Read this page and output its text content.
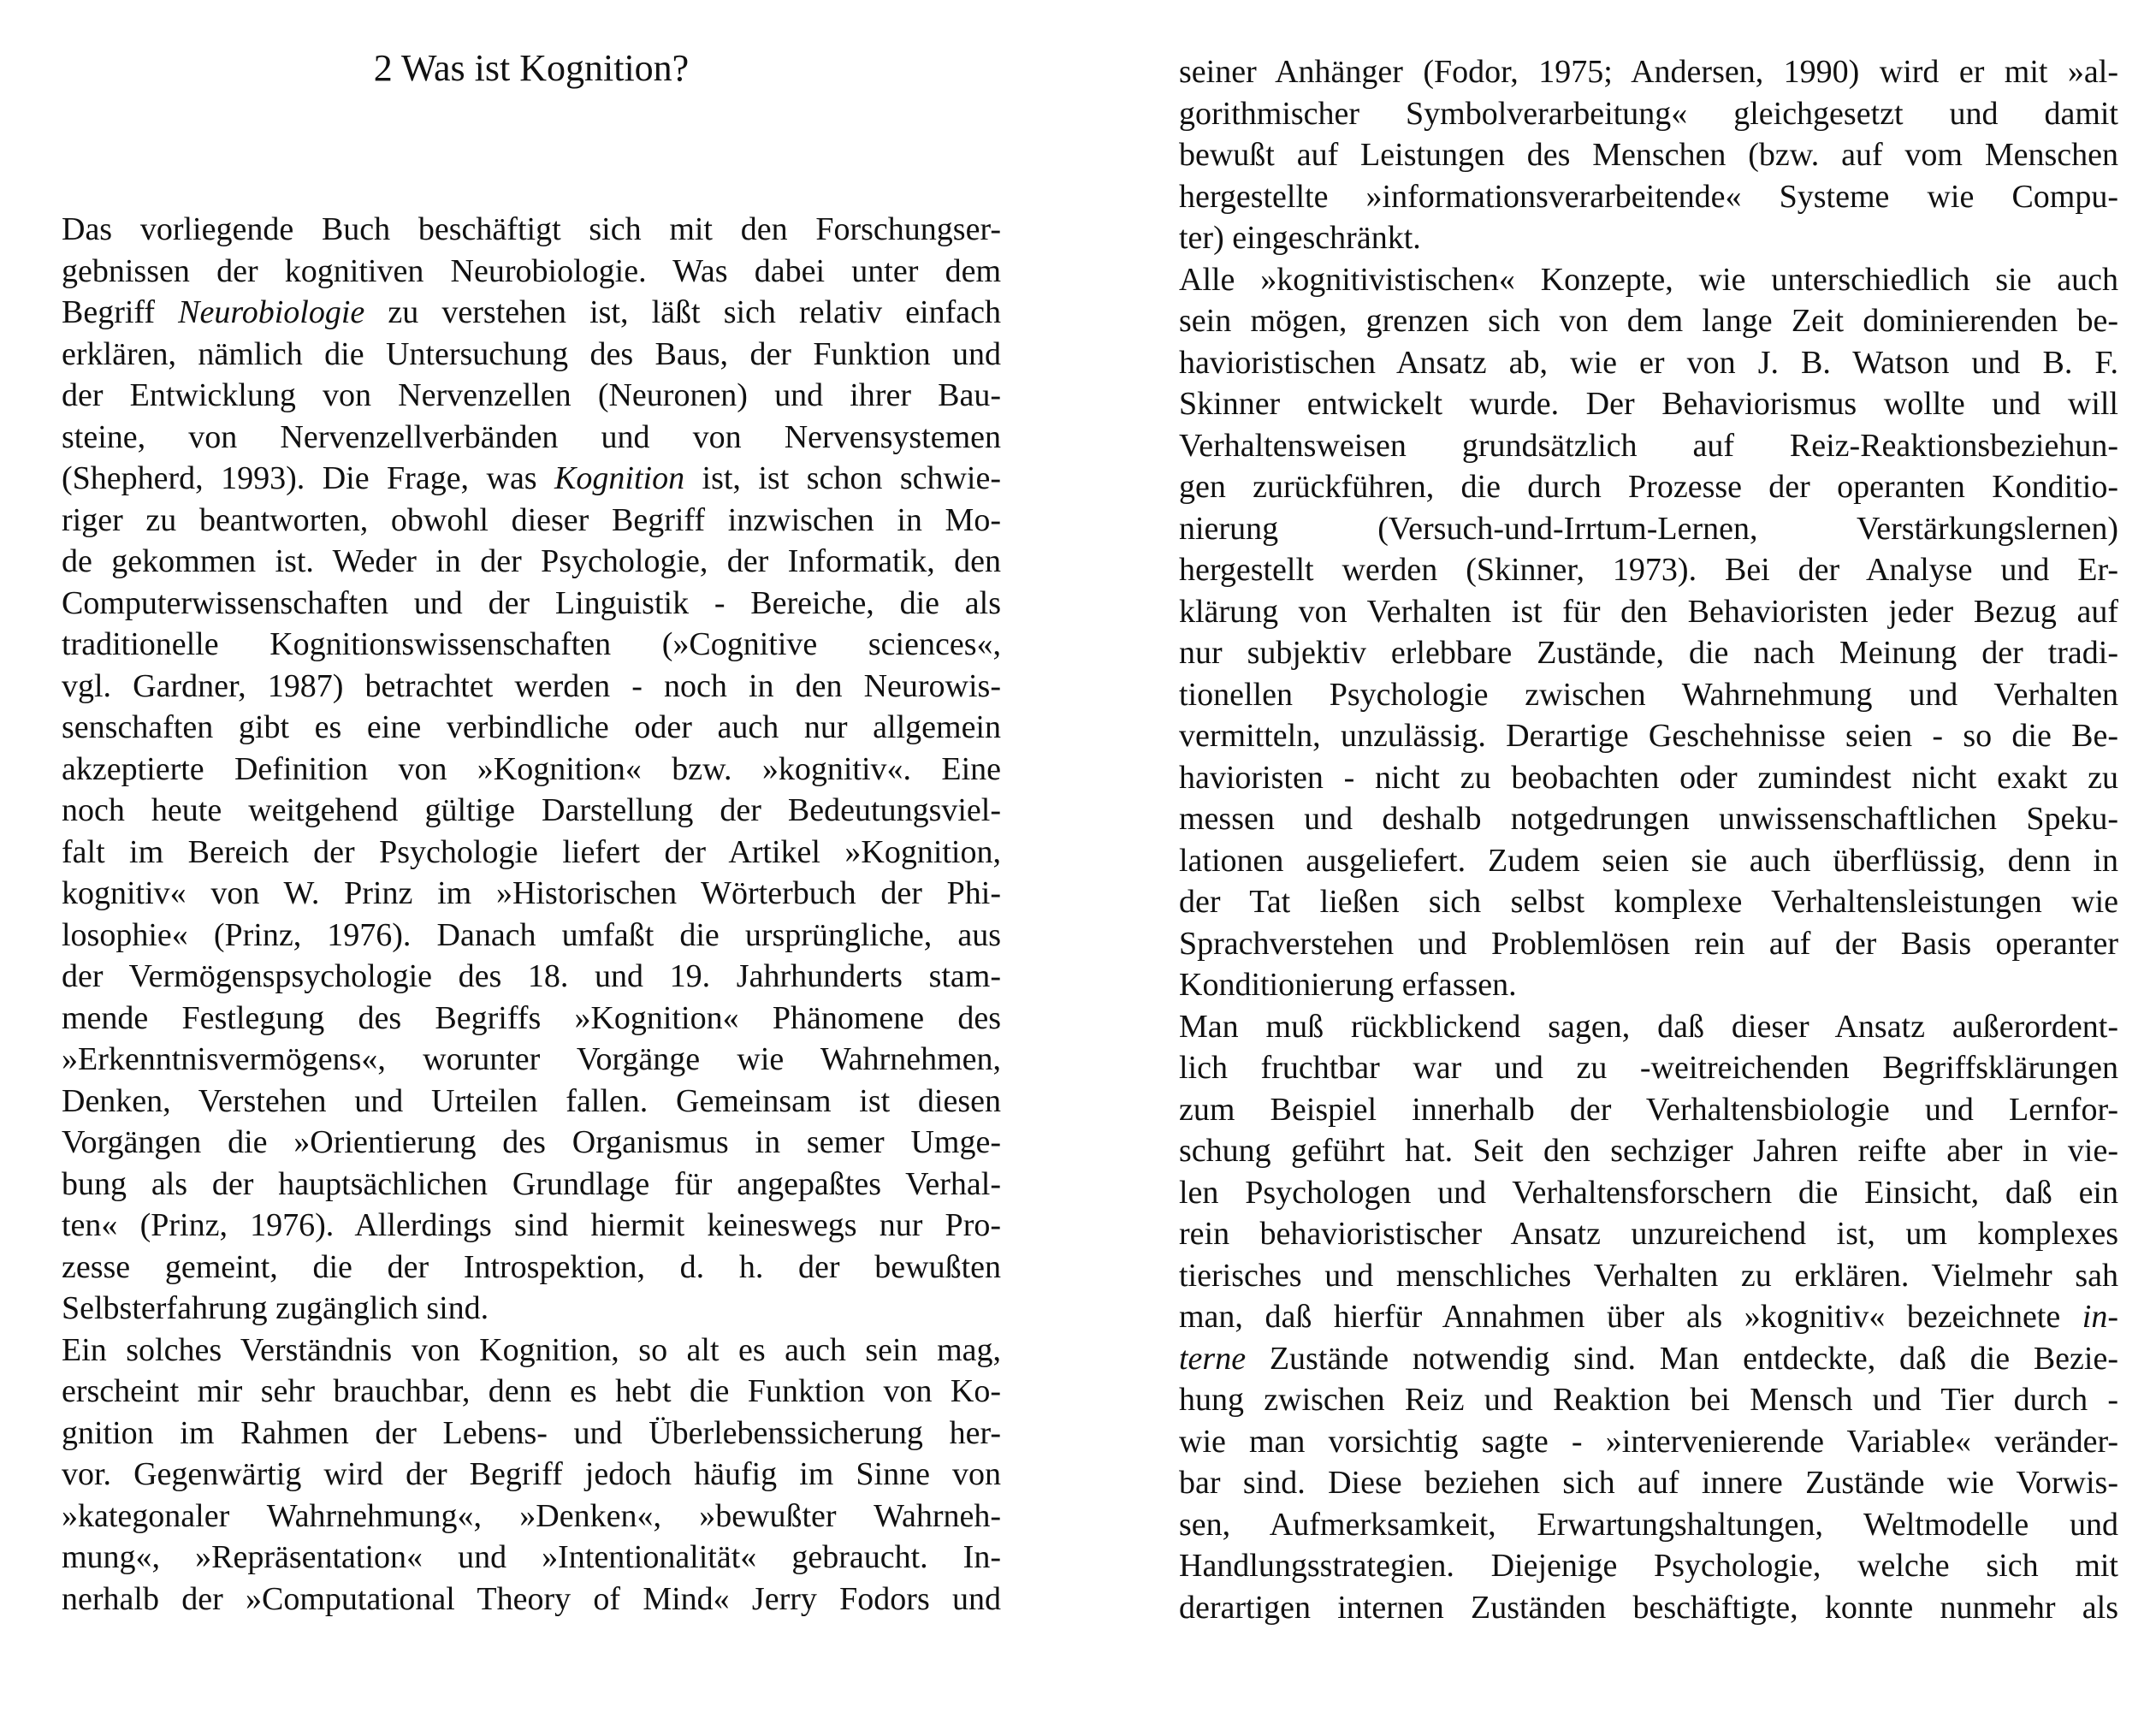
2 Was ist Kognition?
Das vorliegende Buch beschäftigt sich mit den Forschungser-
gebnissen der kognitiven Neurobiologie. Was dabei unter dem
Begriff Neurobiologie zu verstehen ist, läßt sich relativ einfach
erklären, nämlich die Untersuchung des Baus, der Funktion und
der Entwicklung von Nervenzellen (Neuronen) und ihrer Bau-
steine, von Nervenzellverbänden und von Nervensystemen
(Shepherd, 1993). Die Frage, was Kognition ist, ist schon schwie-
riger zu beantworten, obwohl dieser Begriff inzwischen in Mo-
de gekommen ist. Weder in der Psychologie, der Informatik, den
Computerwissenschaften und der Linguistik - Bereiche, die als
traditionelle Kognitionswissenschaften (»Cognitive sciences«,
vgl. Gardner, 1987) betrachtet werden - noch in den Neurowis-
senschaften gibt es eine verbindliche oder auch nur allgemein
akzeptierte Definition von »Kognition« bzw. »kognitiv«. Eine
noch heute weitgehend gültige Darstellung der Bedeutungsviel-
falt im Bereich der Psychologie liefert der Artikel »Kognition,
kognitiv« von W. Prinz im »Historischen Wörterbuch der Phi-
losophie« (Prinz, 1976). Danach umfaßt die ursprüngliche, aus
der Vermögenspsychologie des 18. und 19. Jahrhunderts stam-
mende Festlegung des Begriffs »Kognition« Phänomene des
»Erkenntnisvermögens«, worunter Vorgänge wie Wahrnehmen,
Denken, Verstehen und Urteilen fallen. Gemeinsam ist diesen
Vorgängen die »Orientierung des Organismus in semer Umge-
bung als der hauptsächlichen Grundlage für angepaßtes Verhal-
ten« (Prinz, 1976). Allerdings sind hiermit keineswegs nur Pro-
zesse gemeint, die der Introspektion, d. h. der bewußten
Selbsterfahrung zugänglich sind.
Ein solches Verständnis von Kognition, so alt es auch sein mag,
erscheint mir sehr brauchbar, denn es hebt die Funktion von Ko-
gnition im Rahmen der Lebens- und Überlebenssicherung her-
vor. Gegenwärtig wird der Begriff jedoch häufig im Sinne von
»kategonaler Wahrnehmung«, »Denken«, »bewußter Wahrneh-
mung«, »Repräsentation« und »Intentionalität« gebraucht. In-
nerhalb der »Computational Theory of Mind« Jerry Fodors und
seiner Anhänger (Fodor, 1975; Andersen, 1990) wird er mit »al-
gorithmischer Symbolverarbeitung« gleichgesetzt und damit
bewußt auf Leistungen des Menschen (bzw. auf vom Menschen
hergestellte »informationsverarbeitende« Systeme wie Compu-
ter) eingeschränkt.
Alle »kognitivistischen« Konzepte, wie unterschiedlich sie auch
sein mögen, grenzen sich von dem lange Zeit dominierenden be-
havioristischen Ansatz ab, wie er von J. B. Watson und B. F.
Skinner entwickelt wurde. Der Behaviorismus wollte und will
Verhaltensweisen grundsätzlich auf Reiz-Reaktionsbeziehun-
gen zurückführen, die durch Prozesse der operanten Konditio-
nierung (Versuch-und-Irrtum-Lernen, Verstärkungslernen)
hergestellt werden (Skinner, 1973). Bei der Analyse und Er-
klärung von Verhalten ist für den Behavioristen jeder Bezug auf
nur subjektiv erlebbare Zustände, die nach Meinung der tradi-
tionellen Psychologie zwischen Wahrnehmung und Verhalten
vermitteln, unzulässig. Derartige Geschehnisse seien - so die Be-
havioristen - nicht zu beobachten oder zumindest nicht exakt zu
messen und deshalb notgedrungen unwissenschaftlichen Speku-
lationen ausgeliefert. Zudem seien sie auch überflüssig, denn in
der Tat ließen sich selbst komplexe Verhaltensleistungen wie
Sprachverstehen und Problemlösen rein auf der Basis operanter
Konditionierung erfassen.
Man muß rückblickend sagen, daß dieser Ansatz außerordent-
lich fruchtbar war und zu -weitreichenden Begriffsklärungen
zum Beispiel innerhalb der Verhaltensbiologie und Lernfor-
schung geführt hat. Seit den sechziger Jahren reifte aber in vie-
len Psychologen und Verhaltensforschern die Einsicht, daß ein
rein behavioristischer Ansatz unzureichend ist, um komplexes
tierisches und menschliches Verhalten zu erklären. Vielmehr sah
man, daß hierfür Annahmen über als »kognitiv« bezeichnete in-
terne Zustände notwendig sind. Man entdeckte, daß die Bezie-
hung zwischen Reiz und Reaktion bei Mensch und Tier durch -
wie man vorsichtig sagte - »intervenierende Variable« veränder-
bar sind. Diese beziehen sich auf innere Zustände wie Vorwis-
sen, Aufmerksamkeit, Erwartungshaltungen, Weltmodelle und
Handlungsstrategien. Diejenige Psychologie, welche sich mit
derartigen internen Zuständen beschäftigte, konnte nunmehr als
